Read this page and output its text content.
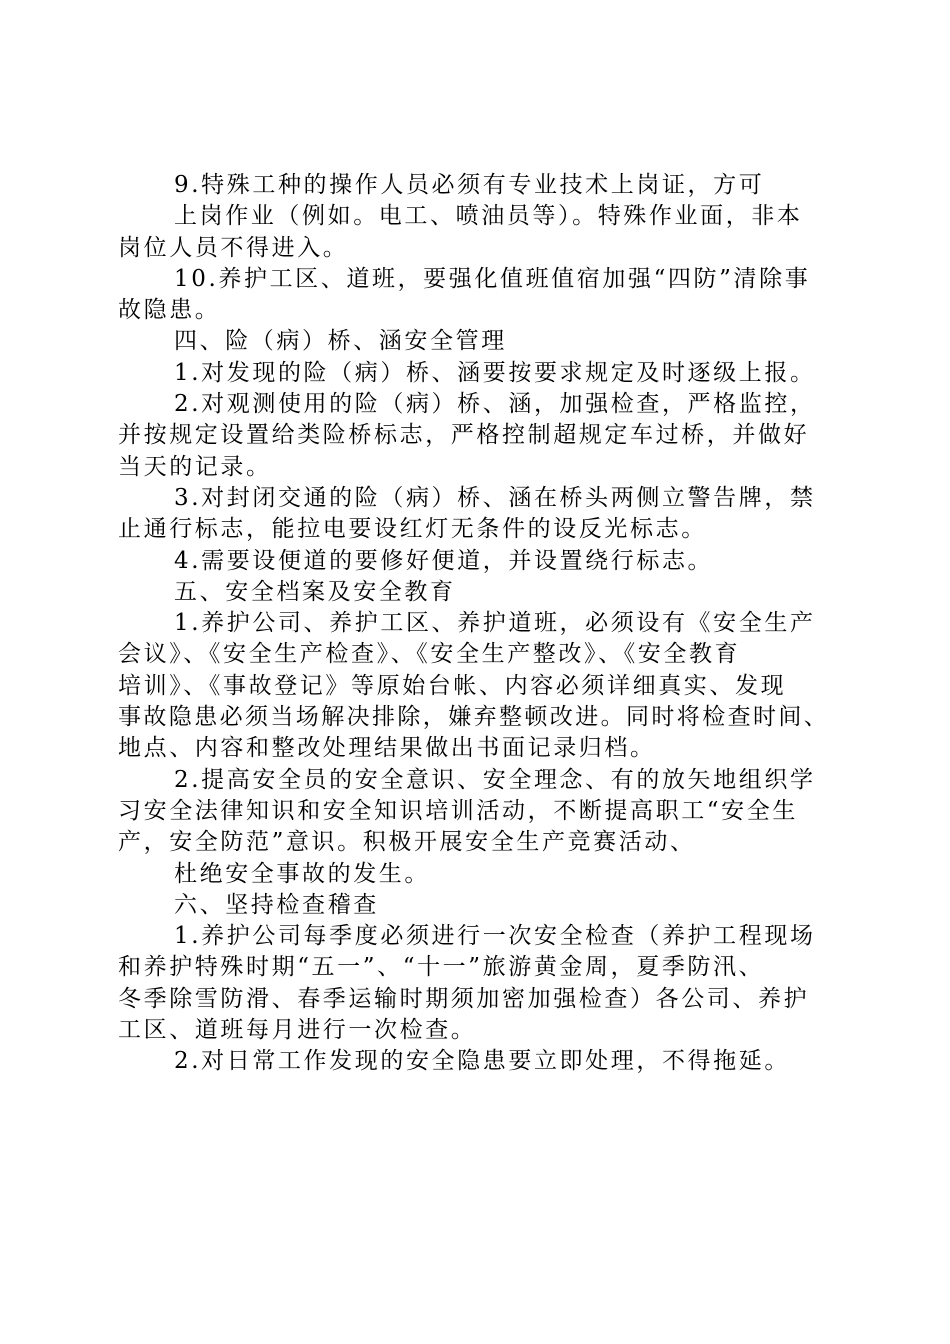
9.特殊工种的操作人员必须有专业技术上岗证，方可
上岗作业（例如。电工、喷油员等）。特殊作业面，非本
岗位人员不得进入。
10.养护工区、道班，要强化值班值宿加强“四防”清除事
故隐患。
四、险（病）桥、涵安全管理
1.对发现的险（病）桥、涵要按要求规定及时逐级上报。
2.对观测使用的险（病）桥、涵，加强检查，严格监控，
并按规定设置给类险桥标志，严格控制超规定车过桥，并做好
当天的记录。
3.对封闭交通的险（病）桥、涵在桥头两侧立警告牌，禁
止通行标志，能拉电要设红灯无条件的设反光标志。
4.需要设便道的要修好便道，并设置绕行标志。
五、安全档案及安全教育
1.养护公司、养护工区、养护道班，必须设有《安全生产
会议》、《安全生产检查》、《安全生产整改》、《安全教育
培训》、《事故登记》等原始台帐、内容必须详细真实、发现
事故隐患必须当场解决排除，嫌弃整顿改进。同时将检查时间、
地点、内容和整改处理结果做出书面记录归档。
2.提高安全员的安全意识、安全理念、有的放矢地组织学
习安全法律知识和安全知识培训活动，不断提高职工“安全生
产，安全防范”意识。积极开展安全生产竞赛活动、
杜绝安全事故的发生。
六、坚持检查稽查
1.养护公司每季度必须进行一次安全检查（养护工程现场
和养护特殊时期“五一”、“十一”旅游黄金周，夏季防汛、
冬季除雪防滑、春季运输时期须加密加强检查）各公司、养护
工区、道班每月进行一次检查。
2.对日常工作发现的安全隐患要立即处理，不得拖延。
